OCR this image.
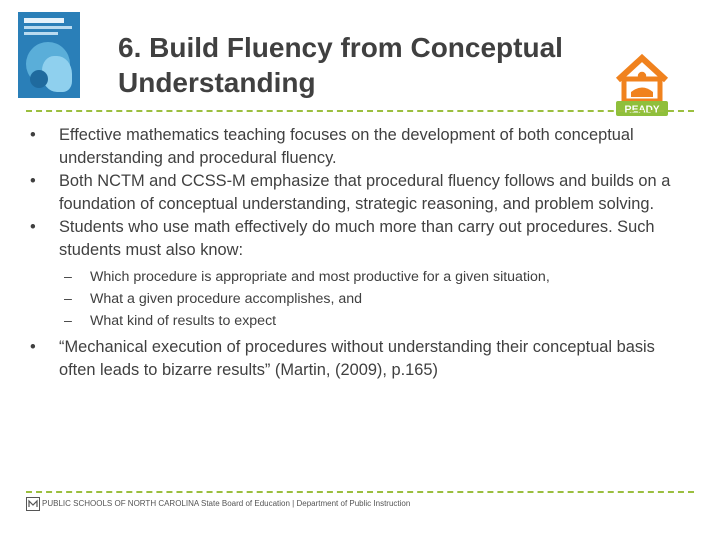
6. Build Fluency from Conceptual
Understanding
READY
• Effective mathematics teaching focuses on the development of both conceptual understanding and procedural fluency.
• Both NCTM and CCSS-M emphasize that procedural fluency follows and builds on a foundation of conceptual understanding, strategic reasoning, and problem solving.
• Students who use math effectively do much more than carry out procedures. Such students must also know:
– Which procedure is appropriate and most productive for a given situation,
– What a given procedure accomplishes, and
– What kind of results to expect
• “Mechanical execution of procedures without understanding their conceptual basis often leads to bizarre results” (Martin, (2009), p.165)
PUBLIC SCHOOLS OF NORTH CAROLINA State Board of Education | Department of Public Instruction
